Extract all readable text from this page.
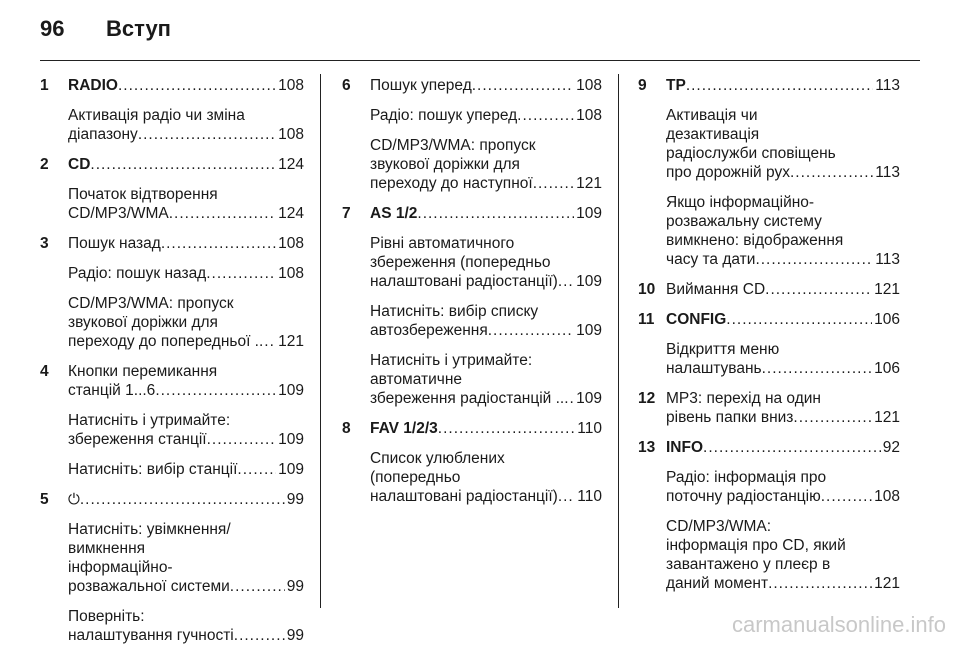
96 Вступ
1 RADIO .....	108
Активація радіо чи зміна
діапазону .....	108
2 CD .....	124
Початок відтворення
CD/MP3/WMA .....	124
3 Пошук назад .....	108
Радіо: пошук назад .....	108
CD/MP3/WMA: пропуск
звукової доріжки для
переходу до попередньої . ..... 121
4 Кнопки перемикання
станцій 1...6 .....	109
Натисніть і утримайте:
збереження станції .....	109
Натисніть: вибір станції .....	109
5 ⏻ .....	99
Натисніть: увімкнення/
вимкнення
інформаційно-
розважальної системи .....	99
Поверніть:
налаштування гучності .....	99
6 Пошук уперед .....	108
Радіо: пошук уперед .....	108
CD/MP3/WMA: пропуск
звукової доріжки для
переходу до наступної .....	121
7 AS 1/2 .....	109
Рівні автоматичного
збереження (попередньо
налаштовані радіостанції) ..... 109
Натисніть: вибір списку
автозбереження .....	109
Натисніть і утримайте:
автоматичне
збереження радіостанцій .. ..... 109
8 FAV 1/2/3 .....	110
Список улюблених
(попередньо
налаштовані радіостанції) ..... 110
9 TP .....	113
Активація чи
дезактивація
радіослужби сповіщень
про дорожній рух .....	113
Якщо інформаційно-
розважальну систему
вимкнено: відображення
часу та дати .....	113
10 Виймання CD .....	121
11 CONFIG .....	106
Відкриття меню
налаштувань .....	106
12 МР3: перехід на один
рівень папки вниз .....	121
13 INFO .....	92
Радіо: інформація про
поточну радіостанцію .....	108
CD/MP3/WMA:
інформація про CD, який
завантажено у плеєр в
даний момент .....	121
carmanualsonline.info
